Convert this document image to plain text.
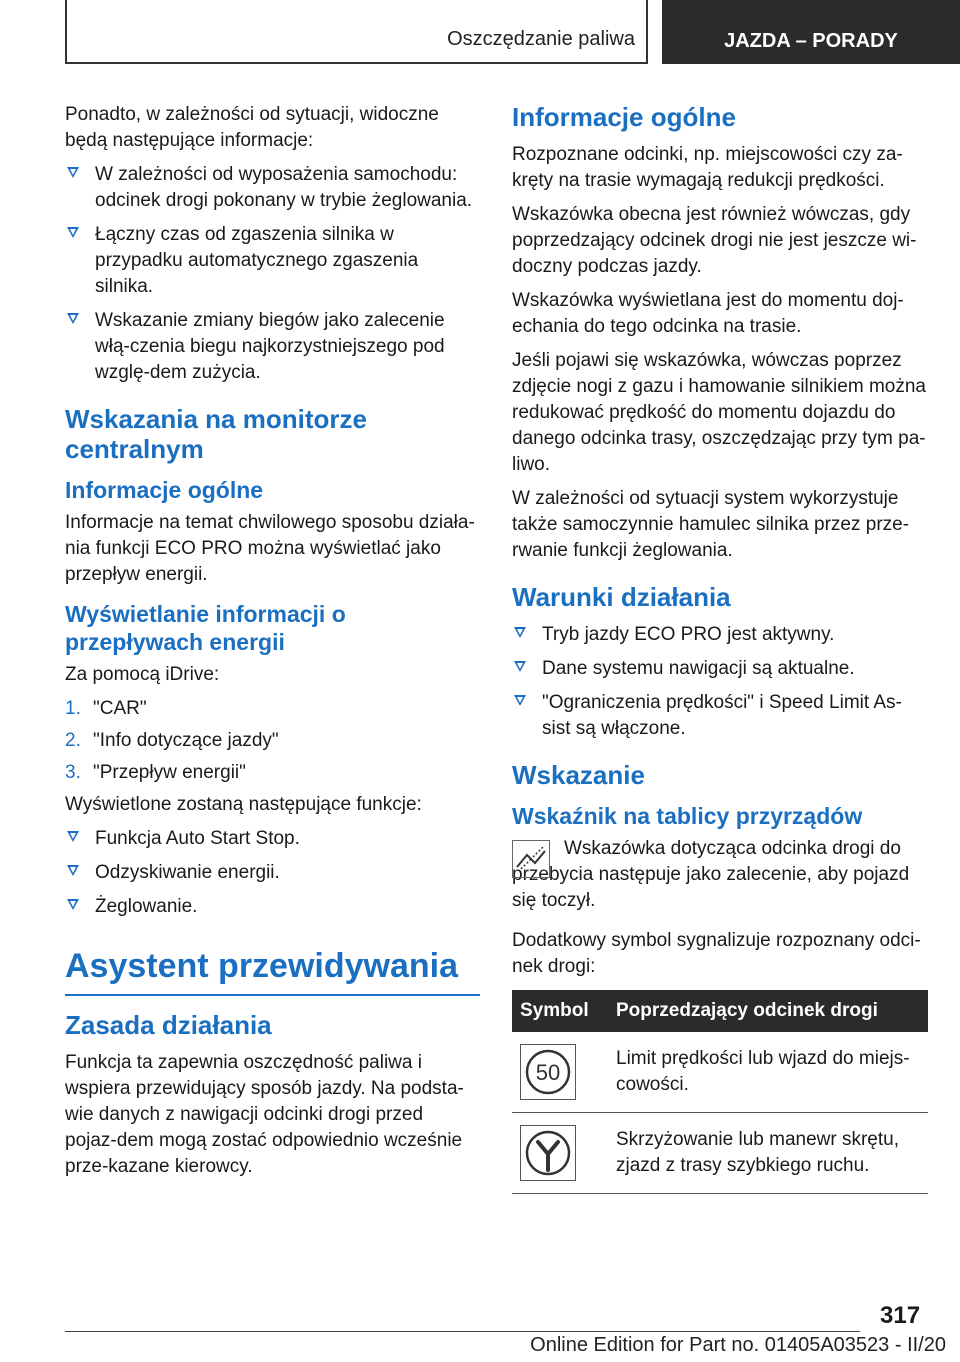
Oszczędzanie paliwa	JAZDA – PORADY

Ponadto, w zależności od sytuacji, widoczne będą następujące informacje:

W zależności od wyposażenia samochodu: odcinek drogi pokonany w trybie żeglowania.
Łączny czas od zgaszenia silnika w przypadku automatycznego zgaszenia silnika.
Wskazanie zmiany biegów jako zalecenie włą-czenia biegu najkorzystniejszego pod wzglę-dem zużycia.
Wskazania na monitorze centralnym
Informacje ogólne

Informacje na temat chwilowego sposobu działa-nia funkcji ECO PRO można wyświetlać jako przepływ energii.

Wyświetlanie informacji o przepływach energii

Za pomocą iDrive:

1. "CAR"
2. "Info dotyczące jazdy"
3. "Przepływ energii"

Wyświetlone zostaną następujące funkcje:

Funkcja Auto Start Stop.
Odzyskiwanie energii.
Żeglowanie.
Asystent przewidywania
Zasada działania

Funkcja ta zapewnia oszczędność paliwa i wspiera przewidujący sposób jazdy. Na podsta-wie danych z nawigacji odcinki drogi przed pojaz-dem mogą zostać odpowiednio wcześnie prze-kazane kierowcy.

Informacje ogólne

Rozpoznane odcinki, np. miejscowości czy za-kręty na trasie wymagają redukcji prędkości.

Wskazówka obecna jest również wówczas, gdy poprzedzający odcinek drogi nie jest jeszcze wi-doczny podczas jazdy.

Wskazówka wyświetlana jest do momentu doj-echania do tego odcinka na trasie.

Jeśli pojawi się wskazówka, wówczas poprzez zdjęcie nogi z gazu i hamowanie silnikiem można redukować prędkość do momentu dojazdu do danego odcinka trasy, oszczędzając przy tym pa-liwo.

W zależności od sytuacji system wykorzystuje także samoczynnie hamulec silnika przez prze-rwanie funkcji żeglowania.

Warunki działania
Tryb jazdy ECO PRO jest aktywny.
Dane systemu nawigacji są aktualne.
"Ograniczenia prędkości" i Speed Limit As-sist są włączone.
Wskazanie
Wskaźnik na tablicy przyrządów

Wskazówka dotycząca odcinka drogi do przebycia następuje jako zalecenie, aby pojazd się toczył.

Dodatkowy symbol sygnalizuje rozpoznany odci-nek drogi:

Symbol	Poprzedzający odcinek drogi

50	Limit prędkości lub wjazd do miejs-cowości.

	Skrzyżowanie lub manewr skrętu, zjazd z trasy szybkiego ruchu.
317
Online Edition for Part no. 01405A03523 - II/20
